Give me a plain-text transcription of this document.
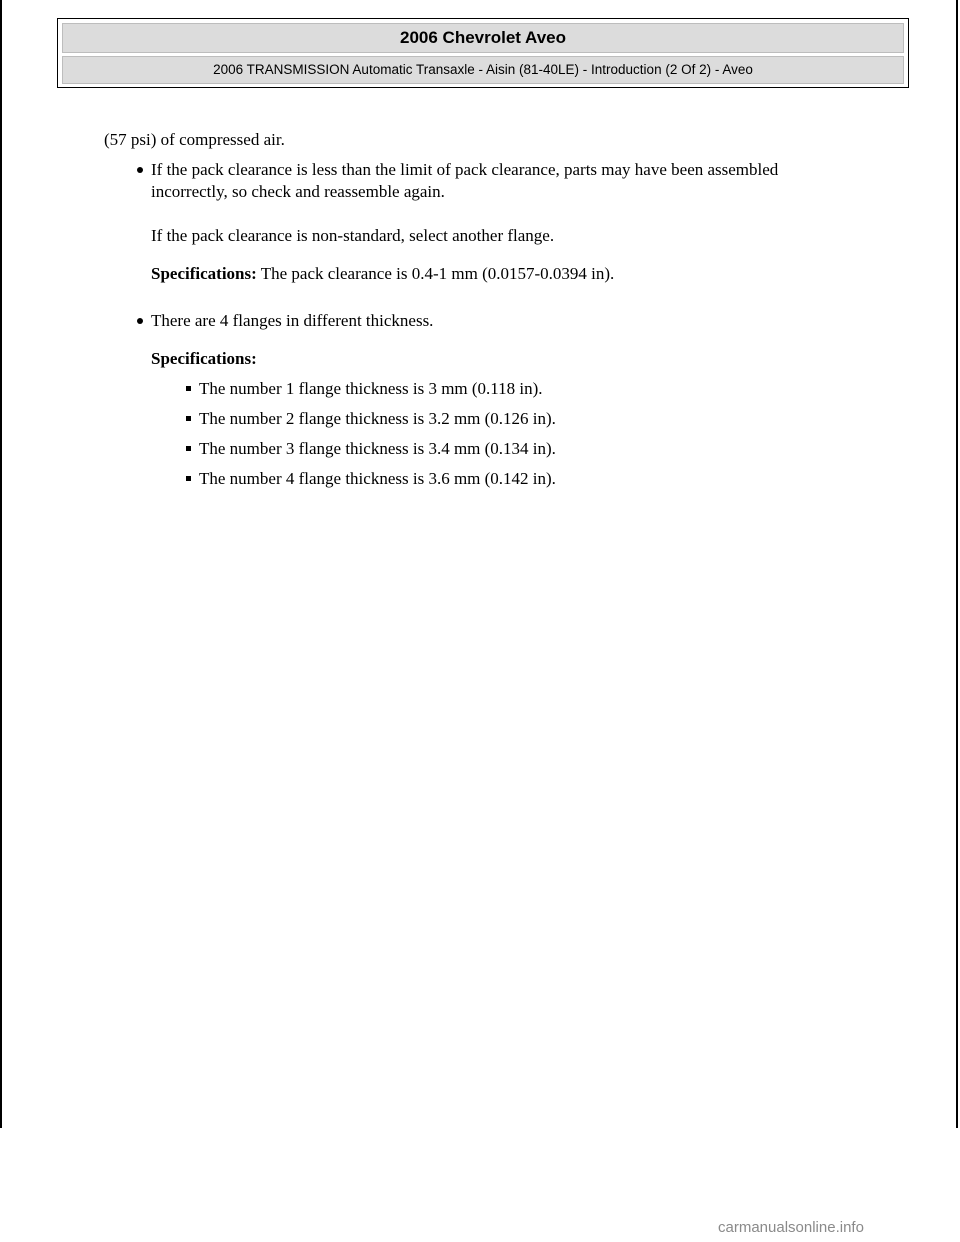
2006 Chevrolet Aveo
2006 TRANSMISSION Automatic Transaxle - Aisin (81-40LE) - Introduction (2 Of 2) - Aveo
(57 psi) of compressed air.
If the pack clearance is less than the limit of pack clearance, parts may have been assembled
incorrectly, so check and reassemble again.
If the pack clearance is non-standard, select another flange.
Specifications: The pack clearance is 0.4-1 mm (0.0157-0.0394 in).
There are 4 flanges in different thickness.
Specifications:
The number 1 flange thickness is 3 mm (0.118 in).
The number 2 flange thickness is 3.2 mm (0.126 in).
The number 3 flange thickness is 3.4 mm (0.134 in).
The number 4 flange thickness is 3.6 mm (0.142 in).
carmanualsonline.info
